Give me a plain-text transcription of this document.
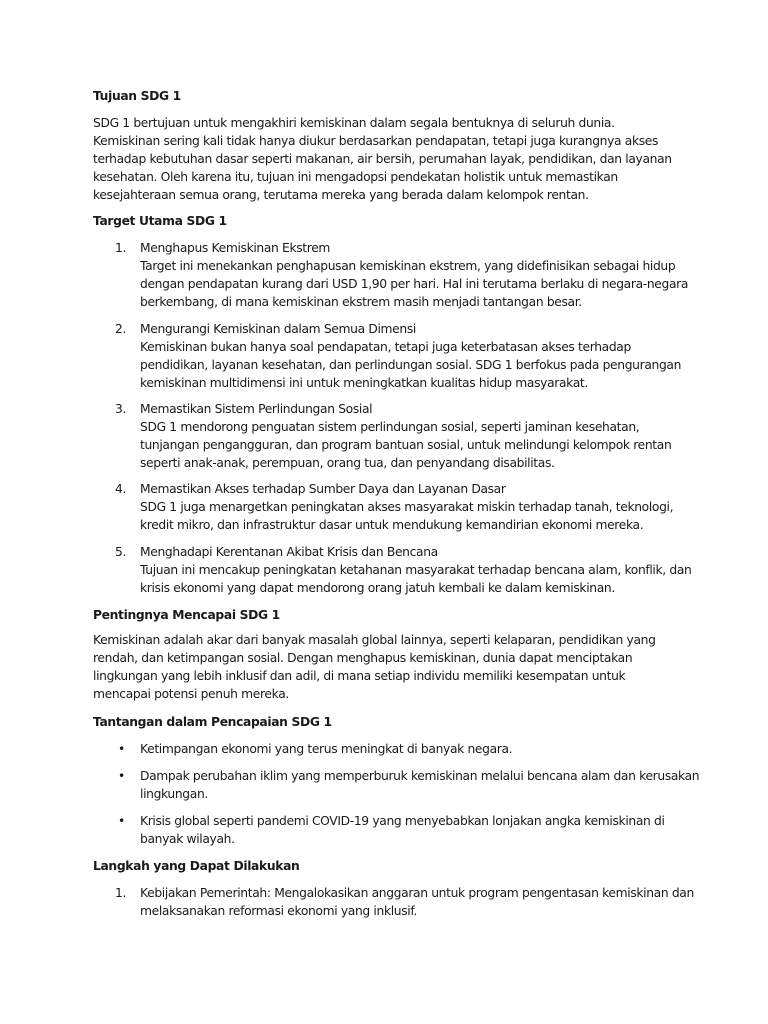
Tujuan SDG 1
SDG 1 bertujuan untuk mengakhiri kemiskinan dalam segala bentuknya di seluruh dunia. Kemiskinan sering kali tidak hanya diukur berdasarkan pendapatan, tetapi juga kurangnya akses terhadap kebutuhan dasar seperti makanan, air bersih, perumahan layak, pendidikan, dan layanan kesehatan. Oleh karena itu, tujuan ini mengadopsi pendekatan holistik untuk memastikan kesejahteraan semua orang, terutama mereka yang berada dalam kelompok rentan.
Target Utama SDG 1
1. Menghapus Kemiskinan Ekstrem
Target ini menekankan penghapusan kemiskinan ekstrem, yang didefinisikan sebagai hidup dengan pendapatan kurang dari USD 1,90 per hari. Hal ini terutama berlaku di negara-negara berkembang, di mana kemiskinan ekstrem masih menjadi tantangan besar.
2. Mengurangi Kemiskinan dalam Semua Dimensi
Kemiskinan bukan hanya soal pendapatan, tetapi juga keterbatasan akses terhadap pendidikan, layanan kesehatan, dan perlindungan sosial. SDG 1 berfokus pada pengurangan kemiskinan multidimensi ini untuk meningkatkan kualitas hidup masyarakat.
3. Memastikan Sistem Perlindungan Sosial
SDG 1 mendorong penguatan sistem perlindungan sosial, seperti jaminan kesehatan, tunjangan pengangguran, dan program bantuan sosial, untuk melindungi kelompok rentan seperti anak-anak, perempuan, orang tua, dan penyandang disabilitas.
4. Memastikan Akses terhadap Sumber Daya dan Layanan Dasar
SDG 1 juga menargetkan peningkatan akses masyarakat miskin terhadap tanah, teknologi, kredit mikro, dan infrastruktur dasar untuk mendukung kemandirian ekonomi mereka.
5. Menghadapi Kerentanan Akibat Krisis dan Bencana
Tujuan ini mencakup peningkatan ketahanan masyarakat terhadap bencana alam, konflik, dan krisis ekonomi yang dapat mendorong orang jatuh kembali ke dalam kemiskinan.
Pentingnya Mencapai SDG 1
Kemiskinan adalah akar dari banyak masalah global lainnya, seperti kelaparan, pendidikan yang rendah, dan ketimpangan sosial. Dengan menghapus kemiskinan, dunia dapat menciptakan lingkungan yang lebih inklusif dan adil, di mana setiap individu memiliki kesempatan untuk mencapai potensi penuh mereka.
Tantangan dalam Pencapaian SDG 1
• Ketimpangan ekonomi yang terus meningkat di banyak negara.
• Dampak perubahan iklim yang memperburuk kemiskinan melalui bencana alam dan kerusakan lingkungan.
• Krisis global seperti pandemi COVID-19 yang menyebabkan lonjakan angka kemiskinan di banyak wilayah.
Langkah yang Dapat Dilakukan
1. Kebijakan Pemerintah: Mengalokasikan anggaran untuk program pengentasan kemiskinan dan melaksanakan reformasi ekonomi yang inklusif.
